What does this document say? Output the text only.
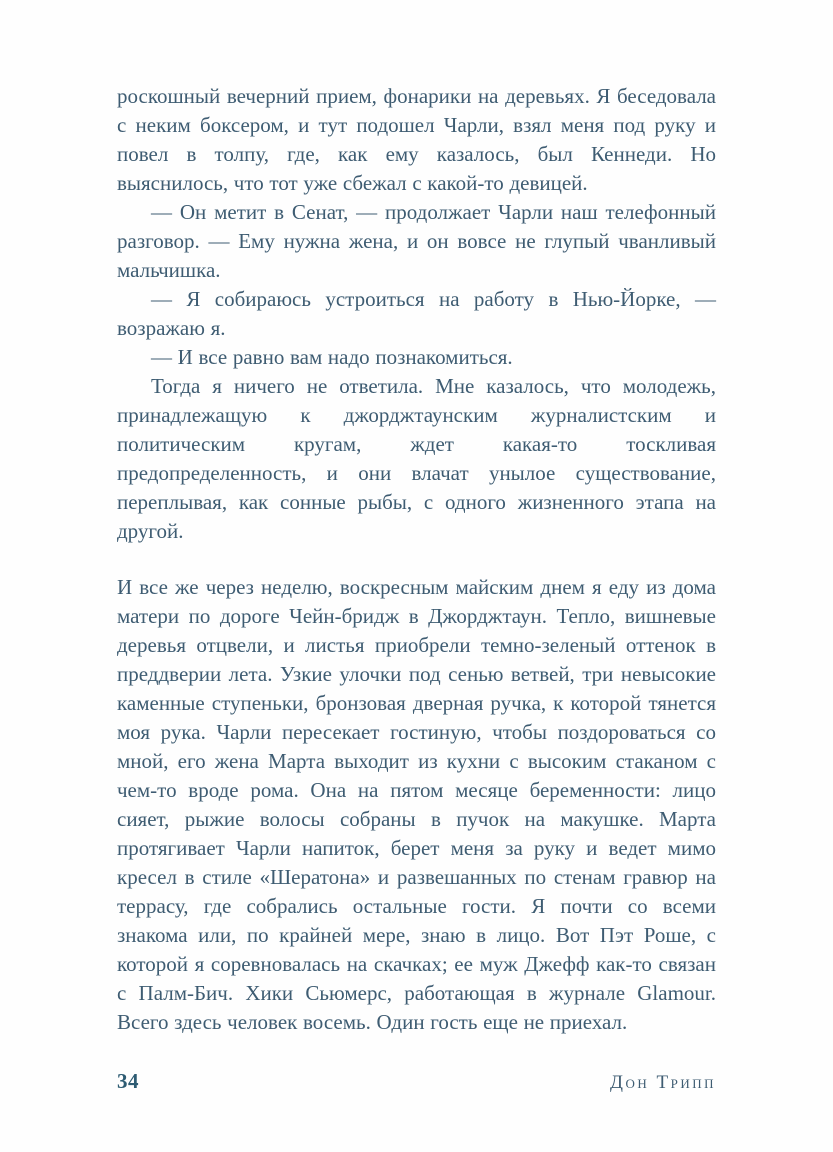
роскошный вечерний прием, фонарики на деревьях. Я беседовала с неким боксером, и тут подошел Чарли, взял меня под руку и повел в толпу, где, как ему казалось, был Кеннеди. Но выяснилось, что тот уже сбежал с какой-то девицей.

— Он метит в Сенат, — продолжает Чарли наш телефонный разговор. — Ему нужна жена, и он вовсе не глупый чванливый мальчишка.

— Я собираюсь устроиться на работу в Нью-Йорке, — возражаю я.

— И все равно вам надо познакомиться.

Тогда я ничего не ответила. Мне казалось, что молодежь, принадлежащую к джорджтаунским журналистским и политическим кругам, ждет какая-то тоскливая предопределенность, и они влачат унылое существование, переплывая, как сонные рыбы, с одного жизненного этапа на другой.

И все же через неделю, воскресным майским днем я еду из дома матери по дороге Чейн-бридж в Джорджтаун. Тепло, вишневые деревья отцвели, и листья приобрели темно-зеленый оттенок в преддверии лета. Узкие улочки под сенью ветвей, три невысокие каменные ступеньки, бронзовая дверная ручка, к которой тянется моя рука. Чарли пересекает гостиную, чтобы поздороваться со мной, его жена Марта выходит из кухни с высоким стаканом с чем-то вроде рома. Она на пятом месяце беременности: лицо сияет, рыжие волосы собраны в пучок на макушке. Марта протягивает Чарли напиток, берет меня за руку и ведет мимо кресел в стиле «Шератона» и развешанных по стенам гравюр на террасу, где собрались остальные гости. Я почти со всеми знакома или, по крайней мере, знаю в лицо. Вот Пэт Роше, с которой я соревновалась на скачках; ее муж Джефф как-то связан с Палм-Бич. Хики Сьюмерс, работающая в журнале Glamour. Всего здесь человек восемь. Один гость еще не приехал.

34	Дон Трипп
